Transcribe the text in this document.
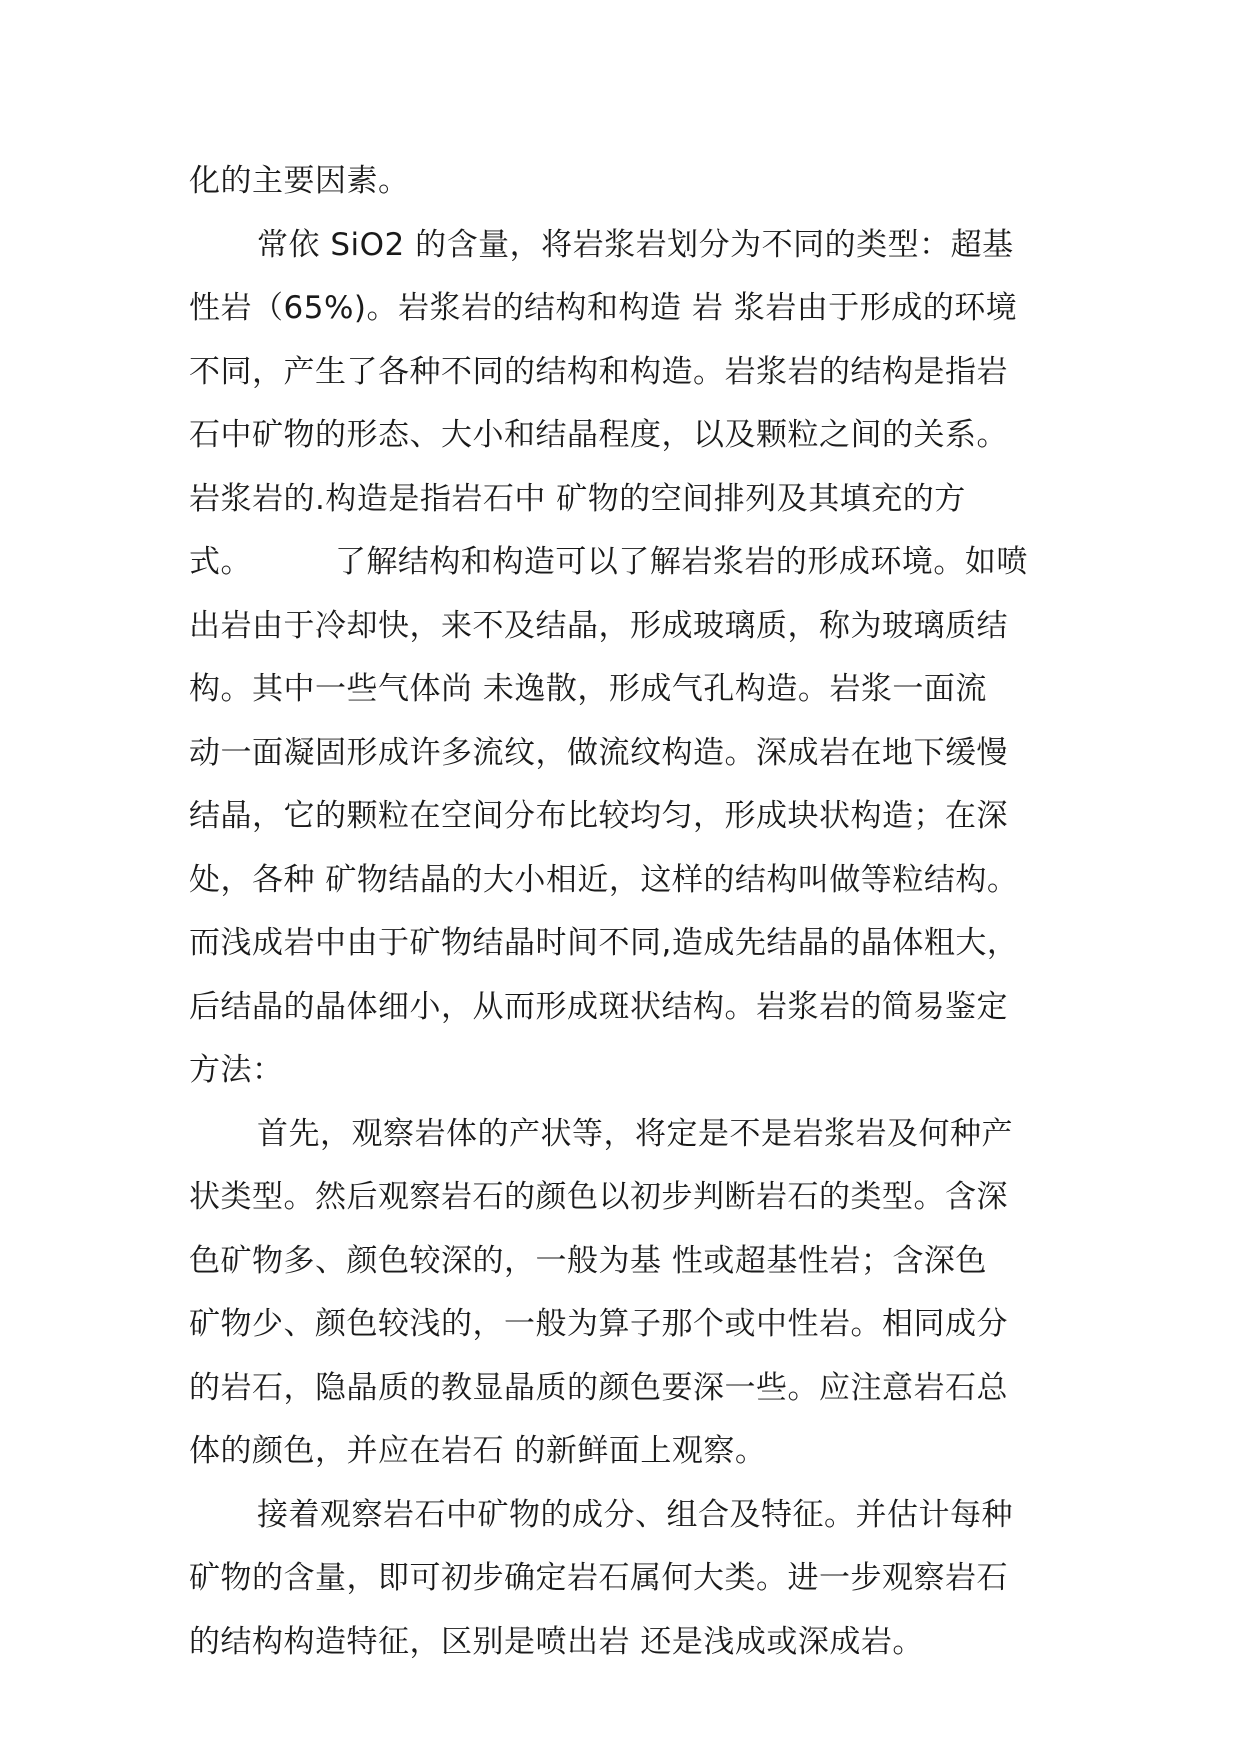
化的主要因素。
常依 SiO2 的含量，将岩浆岩划分为不同的类型：超基
性岩（65%)。岩浆岩的结构和构造 岩 浆岩由于形成的环境
不同，产生了各种不同的结构和构造。岩浆岩的结构是指岩
石中矿物的形态、大小和结晶程度，以及颗粒之间的关系。
岩浆岩的.构造是指岩石中 矿物的空间排列及其填充的方
式。        了解结构和构造可以了解岩浆岩的形成环境。如喷
出岩由于冷却快，来不及结晶，形成玻璃质，称为玻璃质结
构。其中一些气体尚 未逸散，形成气孔构造。岩浆一面流
动一面凝固形成许多流纹，做流纹构造。深成岩在地下缓慢
结晶，它的颗粒在空间分布比较均匀，形成块状构造；在深
处，各种 矿物结晶的大小相近，这样的结构叫做等粒结构。
而浅成岩中由于矿物结晶时间不同,造成先结晶的晶体粗大，
后结晶的晶体细小，从而形成斑状结构。岩浆岩的简易鉴定
方法：
首先，观察岩体的产状等，将定是不是岩浆岩及何种产
状类型。然后观察岩石的颜色以初步判断岩石的类型。含深
色矿物多、颜色较深的，一般为基 性或超基性岩；含深色
矿物少、颜色较浅的，一般为算子那个或中性岩。相同成分
的岩石，隐晶质的教显晶质的颜色要深一些。应注意岩石总
体的颜色，并应在岩石 的新鲜面上观察。
接着观察岩石中矿物的成分、组合及特征。并估计每种
矿物的含量，即可初步确定岩石属何大类。进一步观察岩石
的结构构造特征，区别是喷出岩 还是浅成或深成岩。
